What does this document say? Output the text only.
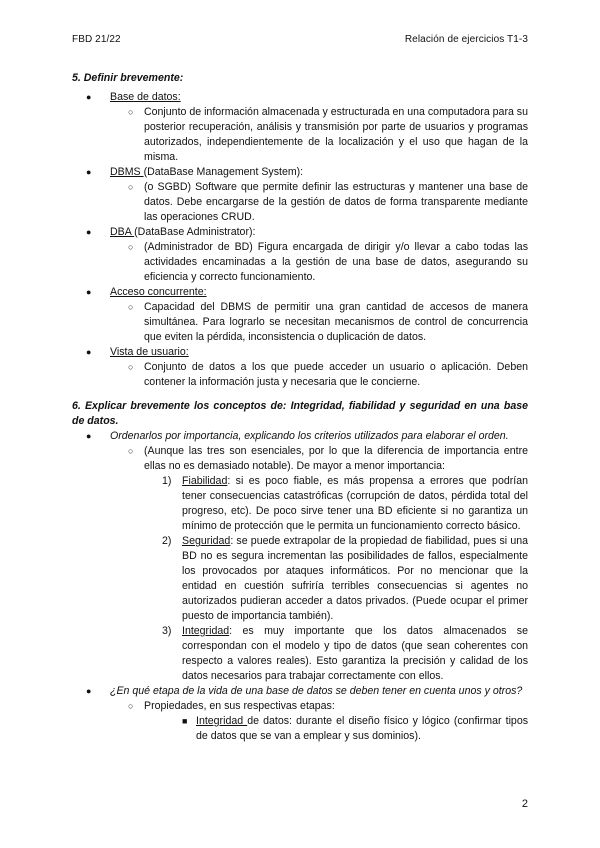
FBD 21/22	Relación de ejercicios T1-3
5. Definir brevemente:
●	Base de datos:
○ Conjunto de información almacenada y estructurada en una computadora para su posterior recuperación, análisis y transmisión por parte de usuarios y programas autorizados, independientemente de la localización y el uso que hagan de la misma.
●	DBMS (DataBase Management System):
○ (o SGBD) Software que permite definir las estructuras y mantener una base de datos. Debe encargarse de la gestión de datos de forma transparente mediante las operaciones CRUD.
●	DBA (DataBase Administrator):
○ (Administrador de BD) Figura encargada de dirigir y/o llevar a cabo todas las actividades encaminadas a la gestión de una base de datos, asegurando su eficiencia y correcto funcionamiento.
●	Acceso concurrente:
○ Capacidad del DBMS de permitir una gran cantidad de accesos de manera simultánea. Para lograrlo se necesitan mecanismos de control de concurrencia que eviten la pérdida, inconsistencia o duplicación de datos.
●	Vista de usuario:
○ Conjunto de datos a los que puede acceder un usuario o aplicación. Deben contener la información justa y necesaria que le concierne.
6. Explicar brevemente los conceptos de: Integridad, fiabilidad y seguridad en una base de datos.
●	Ordenarlos por importancia, explicando los criterios utilizados para elaborar el orden.
○ (Aunque las tres son esenciales, por lo que la diferencia de importancia entre ellas no es demasiado notable). De mayor a menor importancia:
1) Fiabilidad: si es poco fiable, es más propensa a errores que podrían tener consecuencias catastróficas (corrupción de datos, pérdida total del progreso, etc). De poco sirve tener una BD eficiente si no garantiza un mínimo de protección que le permita un funcionamiento correcto básico.
2) Seguridad: se puede extrapolar de la propiedad de fiabilidad, pues si una BD no es segura incrementan las posibilidades de fallos, especialmente los provocados por ataques informáticos. Por no mencionar que la entidad en cuestión sufriría terribles consecuencias si agentes no autorizados pudieran acceder a datos privados. (Puede ocupar el primer puesto de importancia también).
3) Integridad: es muy importante que los datos almacenados se correspondan con el modelo y tipo de datos (que sean coherentes con respecto a valores reales). Esto garantiza la precisión y calidad de los datos necesarios para trabajar correctamente con ellos.
●	¿En qué etapa de la vida de una base de datos se deben tener en cuenta unos y otros?
○ Propiedades, en sus respectivas etapas:
■ Integridad de datos: durante el diseño físico y lógico (confirmar tipos de datos que se van a emplear y sus dominios).
2
